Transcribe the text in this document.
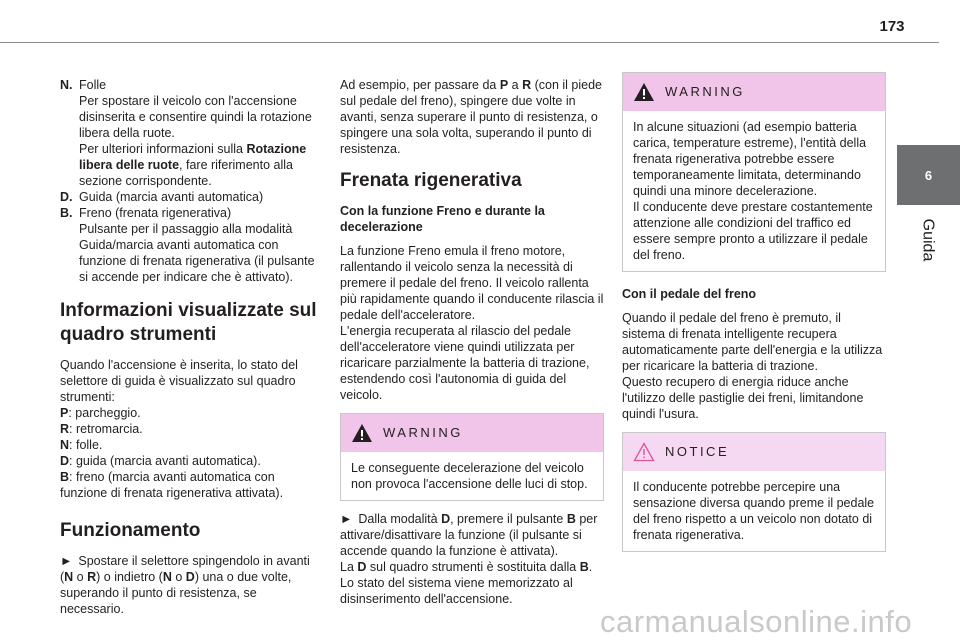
173
6
Guida
N. Folle
Per spostare il veicolo con l'accensione disinserita e consentire quindi la rotazione libera della ruote.
Per ulteriori informazioni sulla Rotazione libera delle ruote, fare riferimento alla sezione corrispondente.
D. Guida (marcia avanti automatica)
B. Freno (frenata rigenerativa)
Pulsante per il passaggio alla modalità Guida/marcia avanti automatica con funzione di frenata rigenerativa (il pulsante si accende per indicare che è attivato).
Informazioni visualizzate sul quadro strumenti
Quando l'accensione è inserita, lo stato del selettore di guida è visualizzato sul quadro strumenti:
P: parcheggio.
R: retromarcia.
N: folle.
D: guida (marcia avanti automatica).
B: freno (marcia avanti automatica con funzione di frenata rigenerativa attivata).
Funzionamento
► Spostare il selettore spingendolo in avanti (N o R) o indietro (N o D) una o due volte, superando il punto di resistenza, se necessario.

Ad esempio, per passare da P a R (con il piede sul pedale del freno), spingere due volte in avanti, senza superare il punto di resistenza, o spingere una sola volta, superando il punto di resistenza.

Frenata rigenerativa
Con la funzione Freno e durante la decelerazione
La funzione Freno emula il freno motore, rallentando il veicolo senza la necessità di premere il pedale del freno. Il veicolo rallenta più rapidamente quando il conducente rilascia il pedale dell'acceleratore.
L'energia recuperata al rilascio del pedale dell'acceleratore viene quindi utilizzata per ricaricare parzialmente la batteria di trazione, estendendo così l'autonomia di guida del veicolo.
WARNING

Le conseguente decelerazione del veicolo non provoca l'accensione delle luci di stop.

► Dalla modalità D, premere il pulsante B per attivare/disattivare la funzione (il pulsante si accende quando la funzione è attivata).
La D sul quadro strumenti è sostituita dalla B.
Lo stato del sistema viene memorizzato al disinserimento dell'accensione.
WARNING

In alcune situazioni (ad esempio batteria carica, temperature estreme), l'entità della frenata rigenerativa potrebbe essere temporaneamente limitata, determinando quindi una minore decelerazione.

Il conducente deve prestare costantemente attenzione alle condizioni del traffico ed essere sempre pronto a utilizzare il pedale del freno.

Con il pedale del freno
Quando il pedale del freno è premuto, il sistema di frenata intelligente recupera automaticamente parte dell'energia e la utilizza per ricaricare la batteria di trazione.
Questo recupero di energia riduce anche l'utilizzo delle pastiglie dei freni, limitandone quindi l'usura.
NOTICE

Il conducente potrebbe percepire una sensazione diversa quando preme il pedale del freno rispetto a un veicolo non dotato di frenata rigenerativa.

carmanualsonline.info
